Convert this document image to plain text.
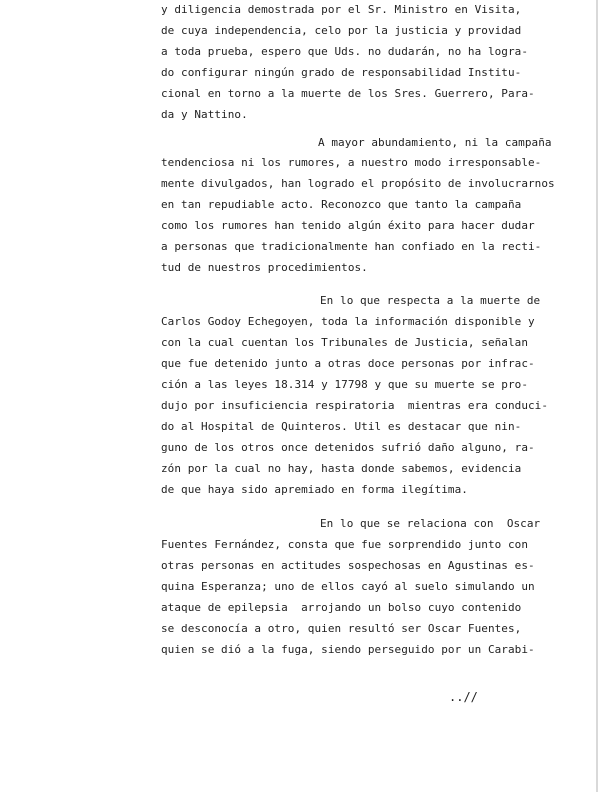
y diligencia demostrada por el Sr. Ministro en Visita,
de cuya independencia, celo por la justicia y providad
a toda prueba, espero que Uds. no dudarán, no ha logra-
do configurar ningún grado de responsabilidad Institu-
cional en torno a la muerte de los Sres. Guerrero, Para-
da y Nattino.
A mayor abundamiento, ni la campaña
tendenciosa ni los rumores, a nuestro modo irresponsable-
mente divulgados, han logrado el propósito de involucrarnos
en tan repudiable acto. Reconozco que tanto la campaña
como los rumores han tenido algún éxito para hacer dudar
a personas que tradicionalmente han confiado en la recti-
tud de nuestros procedimientos.
En lo que respecta a la muerte de
Carlos Godoy Echegoyen, toda la información disponible y
con la cual cuentan los Tribunales de Justicia, señalan
que fue detenido junto a otras doce personas por infrac-
ción a las leyes 18.314 y 17798 y que su muerte se pro-
dujo por insuficiencia respiratoria  mientras era conduci-
do al Hospital de Quinteros. Util es destacar que nin-
guno de los otros once detenidos sufrió daño alguno, ra-
zón por la cual no hay, hasta donde sabemos, evidencia
de que haya sido apremiado en forma ilegítima.
En lo que se relaciona con  Oscar
Fuentes Fernández, consta que fue sorprendido junto con
otras personas en actitudes sospechosas en Agustinas es-
quina Esperanza; uno de ellos cayó al suelo simulando un
ataque de epilepsia  arrojando un bolso cuyo contenido
se desconocía a otro, quien resultó ser Oscar Fuentes,
quien se dió a la fuga, siendo perseguido por un Carabi-
..//
